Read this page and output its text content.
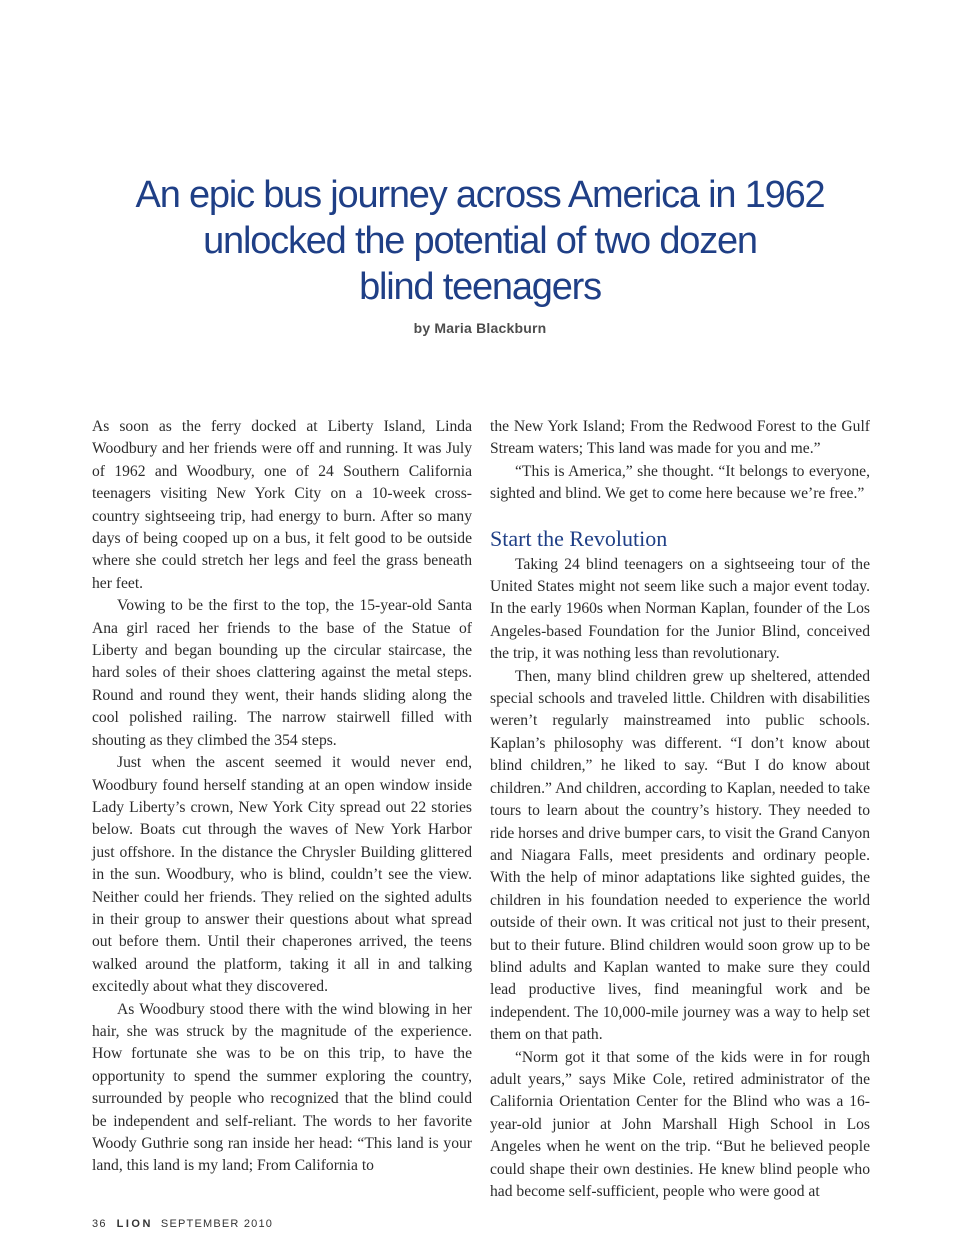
An epic bus journey across America in 1962
unlocked the potential of two dozen
blind teenagers

by Maria Blackburn

As soon as the ferry docked at Liberty Island, Linda Woodbury and her friends were off and running. It was July of 1962 and Woodbury, one of 24 Southern California teenagers visiting New York City on a 10-week cross-country sightseeing trip, had energy to burn. After so many days of being cooped up on a bus, it felt good to be outside where she could stretch her legs and feel the grass beneath her feet.

Vowing to be the first to the top, the 15-year-old Santa Ana girl raced her friends to the base of the Statue of Liberty and began bounding up the circular staircase, the hard soles of their shoes clattering against the metal steps. Round and round they went, their hands sliding along the cool polished railing. The narrow stairwell filled with shouting as they climbed the 354 steps.

Just when the ascent seemed it would never end, Woodbury found herself standing at an open window inside Lady Liberty’s crown, New York City spread out 22 stories below. Boats cut through the waves of New York Harbor just offshore. In the distance the Chrysler Building glittered in the sun. Woodbury, who is blind, couldn’t see the view. Neither could her friends. They relied on the sighted adults in their group to answer their questions about what spread out before them. Until their chaperones arrived, the teens walked around the platform, taking it all in and talking excitedly about what they discovered.

As Woodbury stood there with the wind blowing in her hair, she was struck by the magnitude of the experience. How fortunate she was to be on this trip, to have the opportunity to spend the summer exploring the country, surrounded by people who recognized that the blind could be independent and self-reliant. The words to her favorite Woody Guthrie song ran inside her head: “This land is your land, this land is my land; From California to

the New York Island; From the Redwood Forest to the Gulf Stream waters; This land was made for you and me.”

“This is America,” she thought. “It belongs to everyone, sighted and blind. We get to come here because we’re free.”

Start the Revolution

Taking 24 blind teenagers on a sightseeing tour of the United States might not seem like such a major event today. In the early 1960s when Norman Kaplan, founder of the Los Angeles-based Foundation for the Junior Blind, conceived the trip, it was nothing less than revolutionary.

Then, many blind children grew up sheltered, attended special schools and traveled little. Children with disabilities weren’t regularly mainstreamed into public schools. Kaplan’s philosophy was different. “I don’t know about blind children,” he liked to say. “But I do know about children.” And children, according to Kaplan, needed to take tours to learn about the country’s history. They needed to ride horses and drive bumper cars, to visit the Grand Canyon and Niagara Falls, meet presidents and ordinary people. With the help of minor adaptations like sighted guides, the children in his foundation needed to experience the world outside of their own. It was critical not just to their present, but to their future. Blind children would soon grow up to be blind adults and Kaplan wanted to make sure they could lead productive lives, find meaningful work and be independent. The 10,000-mile journey was a way to help set them on that path.

“Norm got it that some of the kids were in for rough adult years,” says Mike Cole, retired administrator of the California Orientation Center for the Blind who was a 16-year-old junior at John Marshall High School in Los Angeles when he went on the trip. “But he believed people could shape their own destinies. He knew blind people who had become self-sufficient, people who were good at

36 LION SEPTEMBER 2010
